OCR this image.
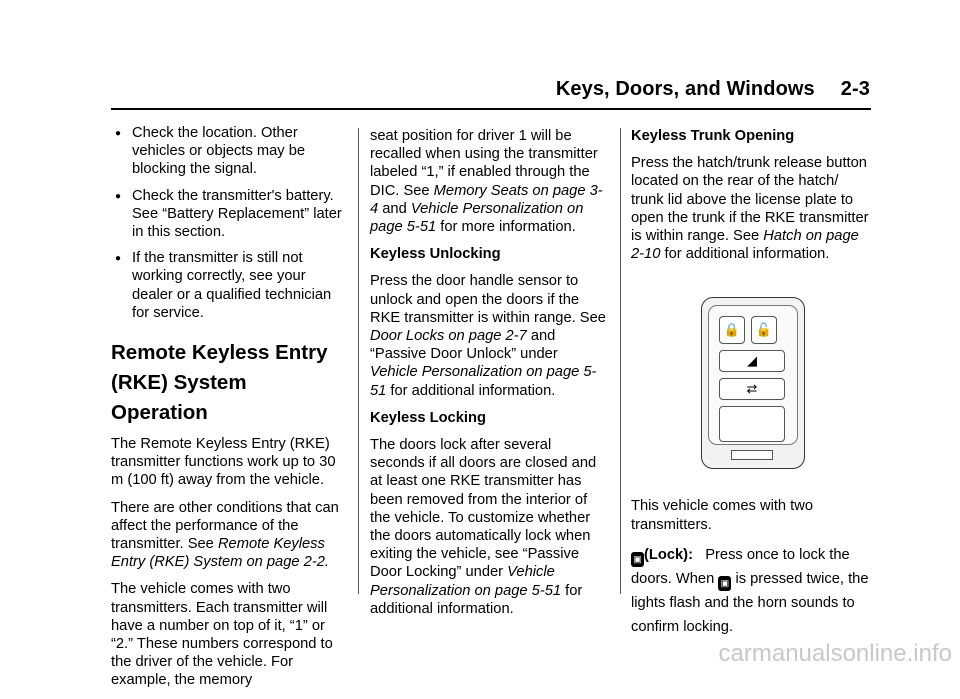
Keys, Doors, and Windows 2-3
● Check the location. Other vehicles or objects may be blocking the signal.
● Check the transmitter's battery. See “Battery Replacement” later in this section.
● If the transmitter is still not working correctly, see your dealer or a qualified technician for service.
Remote Keyless Entry (RKE) System Operation

The Remote Keyless Entry (RKE) transmitter functions work up to 30 m (100 ft) away from the vehicle.

There are other conditions that can affect the performance of the transmitter. See Remote Keyless Entry (RKE) System on page 2-2.

The vehicle comes with two transmitters. Each transmitter will have a number on top of it, “1” or “2.” These numbers correspond to the driver of the vehicle. For example, the memory

seat position for driver 1 will be recalled when using the transmitter labeled “1,” if enabled through the DIC. See Memory Seats on page 3-4 and Vehicle Personalization on page 5-51 for more information.

Keyless Unlocking

Press the door handle sensor to unlock and open the doors if the RKE transmitter is within range. See Door Locks on page 2-7 and “Passive Door Unlock” under Vehicle Personalization on page 5-51 for additional information.

Keyless Locking

The doors lock after several seconds if all doors are closed and at least one RKE transmitter has been removed from the interior of the vehicle. To customize whether the doors automatically lock when exiting the vehicle, see “Passive Door Locking” under Vehicle Personalization on page 5-51 for additional information.

Keyless Trunk Opening

Press the hatch/trunk release button located on the rear of the hatch/ trunk lid above the license plate to open the trunk if the RKE transmitter is within range. See Hatch on page 2-10 for additional information.

🔒	🔓
◢
⇄

This vehicle comes with two transmitters.

▣ (Lock): Press once to lock the doors. When ▣ is pressed twice, the lights flash and the horn sounds to confirm locking.

carmanualsonline.info
